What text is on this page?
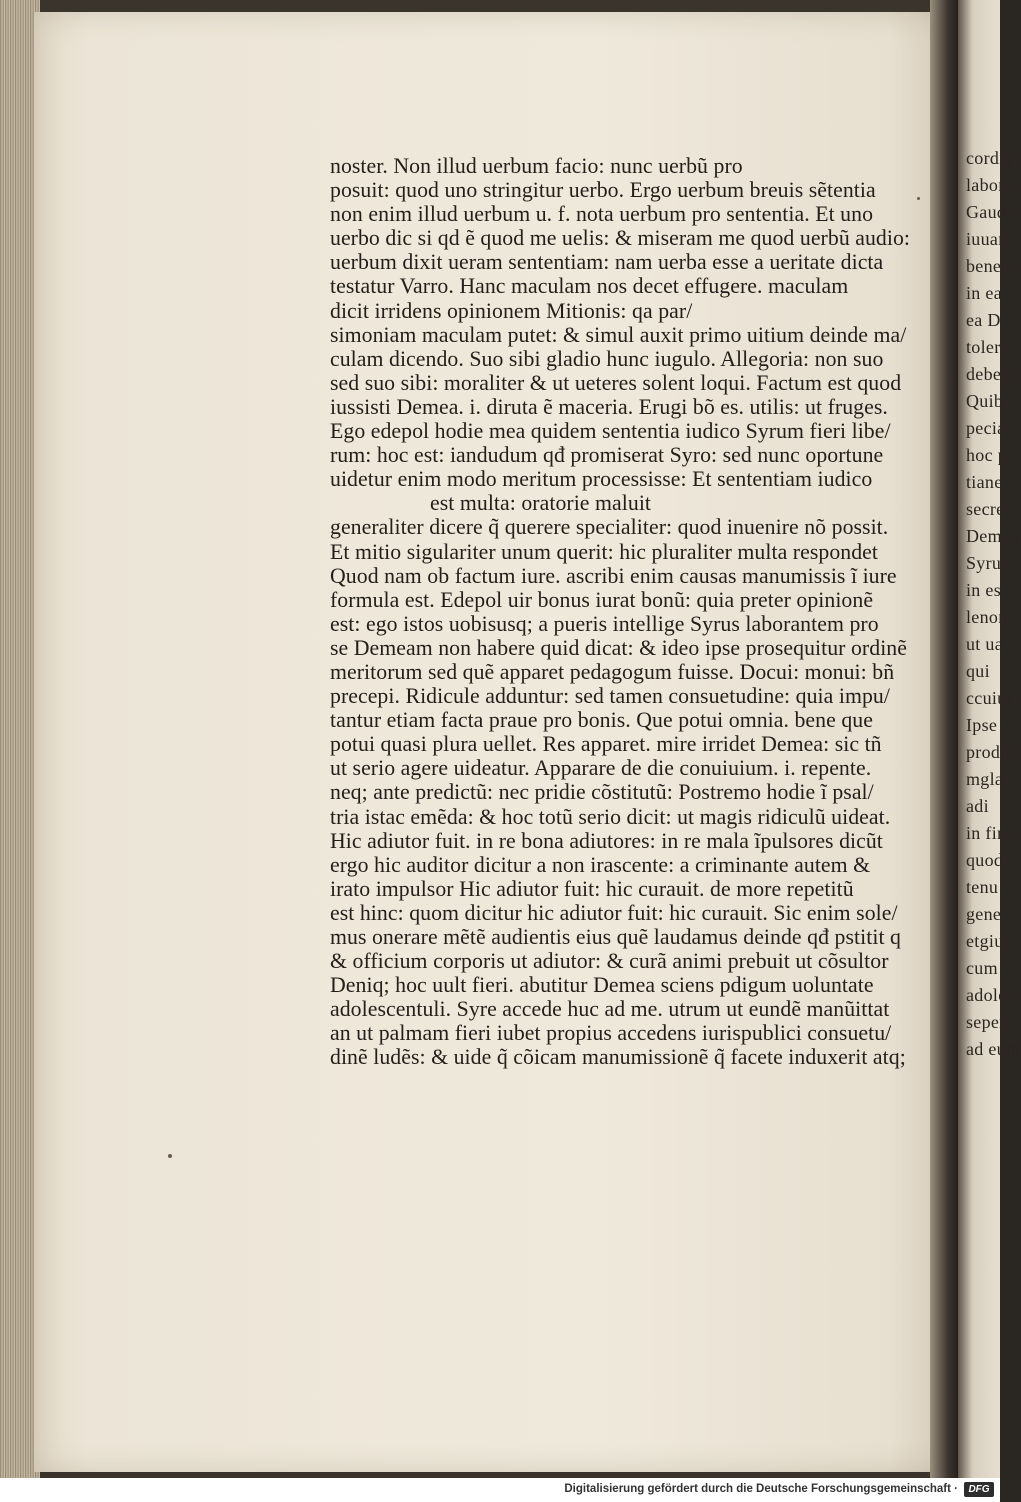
cordig
labore
Gaudio
iuuare
beneur
in ea
ea D
tolera
debent
Quib
pecia
hoc p
tiane
secret
Demea
Syrus
in es
lenon
ut ua
qui
ccuius
Ipse
prodig
mgla
adi
in fine
quod
tenu
gene
etgiuc
cum
adoles
sepen
ad eum
noster. Non illud uerbum facio: nunc uerbũ pro
posuit: quod uno stringitur uerbo. Ergo uerbum breuis sẽtentia
non enim illud uerbum u. f. nota uerbum pro sententia. Et uno
uerbo dic si qd ẽ quod me uelis: & miseram me quod uerbũ audio:
uerbum dixit ueram sententiam: nam uerba esse a ueritate dicta
testatur Varro. Hanc maculam nos decet effugere. maculam
dicit irridens opinionem Mitionis: qa par/
simoniam maculam putet: & simul auxit primo uitium deinde ma/
culam dicendo. Suo sibi gladio hunc iugulo. Allegoria: non suo
sed suo sibi: moraliter & ut ueteres solent loqui. Factum est quod
iussisti Demea. i. diruta ẽ maceria. Erugi bõ es. utilis: ut fruges.
Ego edepol hodie mea quidem sententia iudico Syrum fieri libe/
rum: hoc est: iandudum qđ promiserat Syro: sed nunc oportune
uidetur enim modo meritum processisse: Et sententiam iudico
est multa: oratorie maluit
generaliter dicere q̃ querere specialiter: quod inuenire nõ possit.
Et mitio sigulariter unum querit: hic pluraliter multa respondet
Quod nam ob factum iure. ascribi enim causas manumissis ĩ iure
formula est. Edepol uir bonus iurat bonũ: quia preter opinionẽ
est: ego istos uobisusq; a pueris intellige Syrus laborantem pro
se Demeam non habere quid dicat: & ideo ipse prosequitur ordinẽ
meritorum sed quẽ apparet pedagogum fuisse. Docui: monui: bñ
precepi. Ridicule adduntur: sed tamen consuetudine: quia impu/
tantur etiam facta praue pro bonis. Que potui omnia. bene que
potui quasi plura uellet. Res apparet. mire irridet Demea: sic tñ
ut serio agere uideatur. Apparare de die conuiuium. i. repente.
neq; ante predictũ: nec pridie cõstitutũ: Postremo hodie ĩ psal/
tria istac emẽda: & hoc totũ serio dicit: ut magis ridiculũ uideat.
Hic adiutor fuit. in re bona adiutores: in re mala ĩpulsores dicũt
ergo hic auditor dicitur a non irascente: a criminante autem &
irato impulsor Hic adiutor fuit: hic curauit. de more repetitũ
est hinc: quom dicitur hic adiutor fuit: hic curauit. Sic enim sole/
mus onerare mẽtẽ audientis eius quẽ laudamus deinde qđ pstitit q
& officium corporis ut adiutor: & curã animi prebuit ut cõsultor
Deniq; hoc uult fieri. abutitur Demea sciens pdigum uoluntate
adolescentuli. Syre accede huc ad me. utrum ut eundẽ manũittat
an ut palmam fieri iubet propius accedens iurispublici consuetu/
dinẽ ludẽs: & uide q̃ cõicam manumissionẽ q̃ facete induxerit atq;
Digitalisierung gefördert durch die Deutsche Forschungsgemeinschaft ·	DFG
